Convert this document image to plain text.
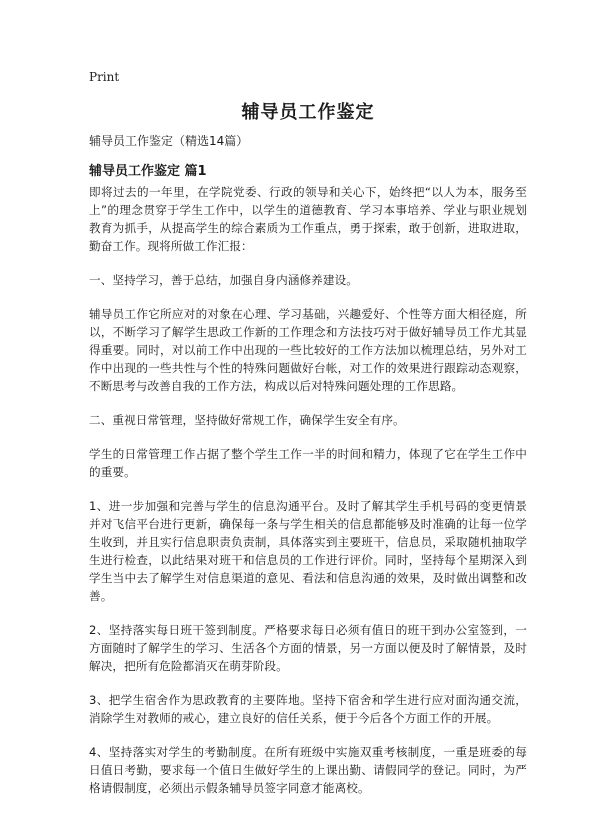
Print
辅导员工作鉴定

辅导员工作鉴定（精选14篇）

辅导员工作鉴定 篇1

即将过去的一年里，在学院党委、行政的领导和关心下，始终把“以人为本，服务至上”的理念贯穿于学生工作中，以学生的道德教育、学习本事培养、学业与职业规划教育为抓手，从提高学生的综合素质为工作重点，勇于探索，敢于创新，进取进取，勤奋工作。现将所做工作汇报：

一、坚持学习，善于总结，加强自身内涵修养建设。

辅导员工作它所应对的对象在心理、学习基础，兴趣爱好、个性等方面大相径庭，所以，不断学习了解学生思政工作新的工作理念和方法技巧对于做好辅导员工作尤其显得重要。同时，对以前工作中出现的一些比较好的工作方法加以梳理总结，另外对工作中出现的一些共性与个性的特殊问题做好台帐，对工作的效果进行跟踪动态观察，不断思考与改善自我的工作方法，构成以后对特殊问题处理的工作思路。

二、重视日常管理，坚持做好常规工作，确保学生安全有序。

学生的日常管理工作占据了整个学生工作一半的时间和精力，体现了它在学生工作中的重要。

1、进一步加强和完善与学生的信息沟通平台。及时了解其学生手机号码的变更情景并对飞信平台进行更新，确保每一条与学生相关的信息都能够及时准确的让每一位学生收到，并且实行信息职责负责制，具体落实到主要班干，信息员，采取随机抽取学生进行检查，以此结果对班干和信息员的工作进行评价。同时，坚持每个星期深入到学生当中去了解学生对信息渠道的意见、看法和信息沟通的效果，及时做出调整和改善。

2、坚持落实每日班干签到制度。严格要求每日必须有值日的班干到办公室签到，一方面随时了解学生的学习、生活各个方面的情景，另一方面以便及时了解情景，及时解决，把所有危险都消灭在萌芽阶段。

3、把学生宿舍作为思政教育的主要阵地。坚持下宿舍和学生进行应对面沟通交流，消除学生对教师的戒心，建立良好的信任关系，便于今后各个方面工作的开展。

4、坚持落实对学生的考勤制度。在所有班级中实施双重考核制度，一重是班委的每日值日考勤，要求每一个值日生做好学生的上课出勤、请假同学的登记。同时，为严格请假制度，必须出示假条辅导员签字同意才能离校。
